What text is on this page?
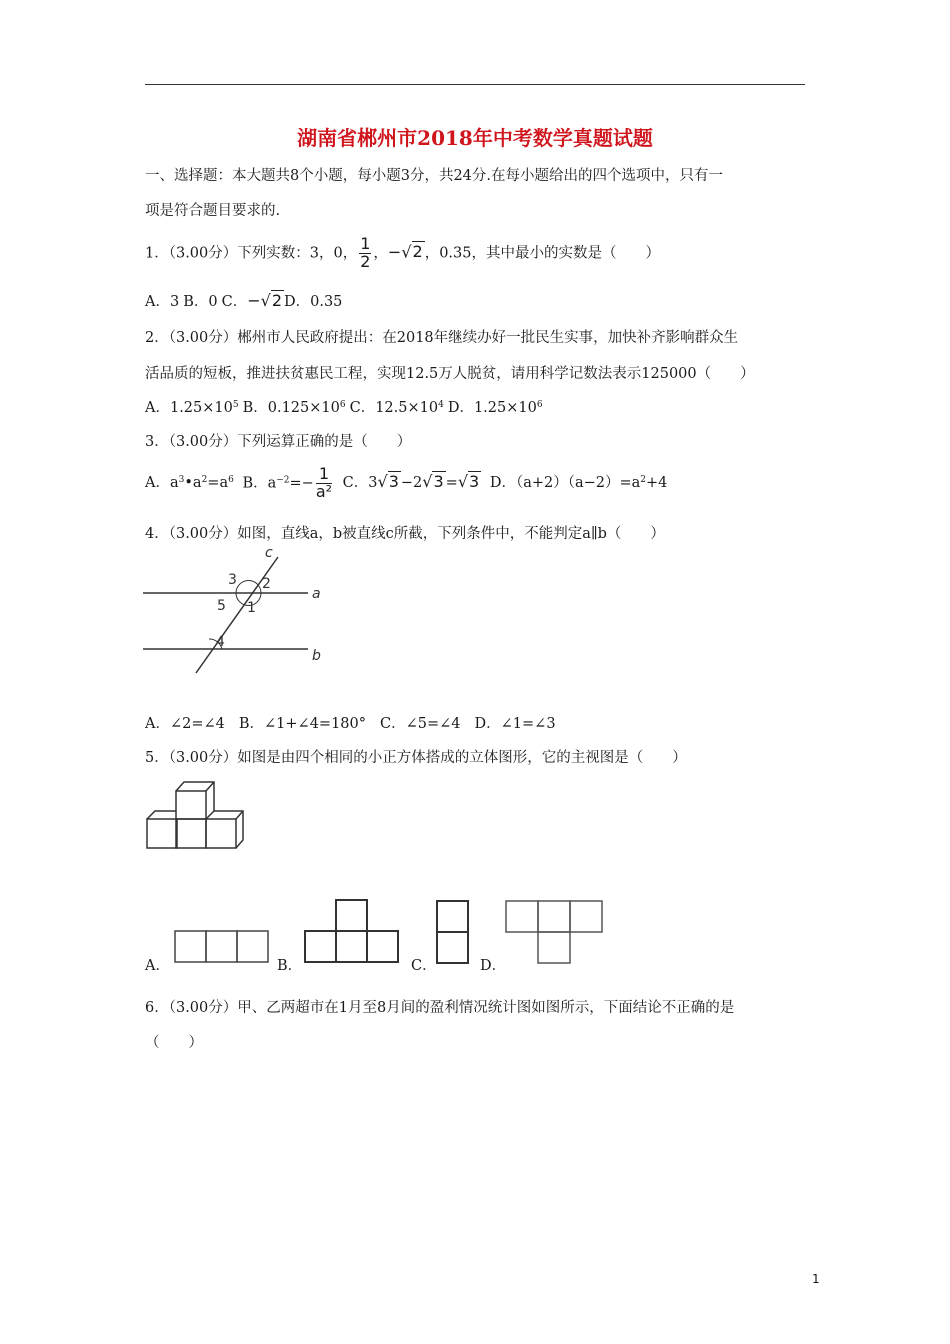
湖南省郴州市2018年中考数学真题试题
一、选择题：本大题共8个小题，每小题3分，共24分.在每小题给出的四个选项中，只有一
项是符合题目要求的.
1．（3.00分）下列实数：3，0， $\frac{1}{2}$ ，−√2 ，0.35，其中最小的实数是（　　）
A．3 B．0 C．−√2 D．0.35
2．（3.00分）郴州市人民政府提出：在2018年继续办好一批民生实事，加快补齐影响群众生
活品质的短板，推进扶贫惠民工程，实现12.5万人脱贫，请用科学记数法表示125000（　　）
A．$1.25\times 10^5$ B．$0.125\times 10^6$ C．$12.5\times 10^4$ D．$1.25\times 10^6$
3．（3.00分）下列运算正确的是（　　）
A．$a^3•a^2=a^6$ B．$a^{-2}=- \frac{1}{\text{a²}}$ C．3√3 −2√3 =√3 D．$(a+2)(a-2)=a^2+4$
4．（3.00分）如图，直线a，b被直线c所截，下列条件中，不能判定a∥b（　　）
c
a
b
3 2
5 1
4
A．∠2=∠4 B．∠1+∠4=180° C．∠5=∠4 D．∠1=∠3
5．（3.00分）如图是由四个相同的小正方体搭成的立体图形，它的主视图是（　　）
A．	B．	C．	D．
6．（3.00分）甲、乙两超市在1月至8月间的盈利情况统计图如图所示，下面结论不正确的是
（　　）
1
